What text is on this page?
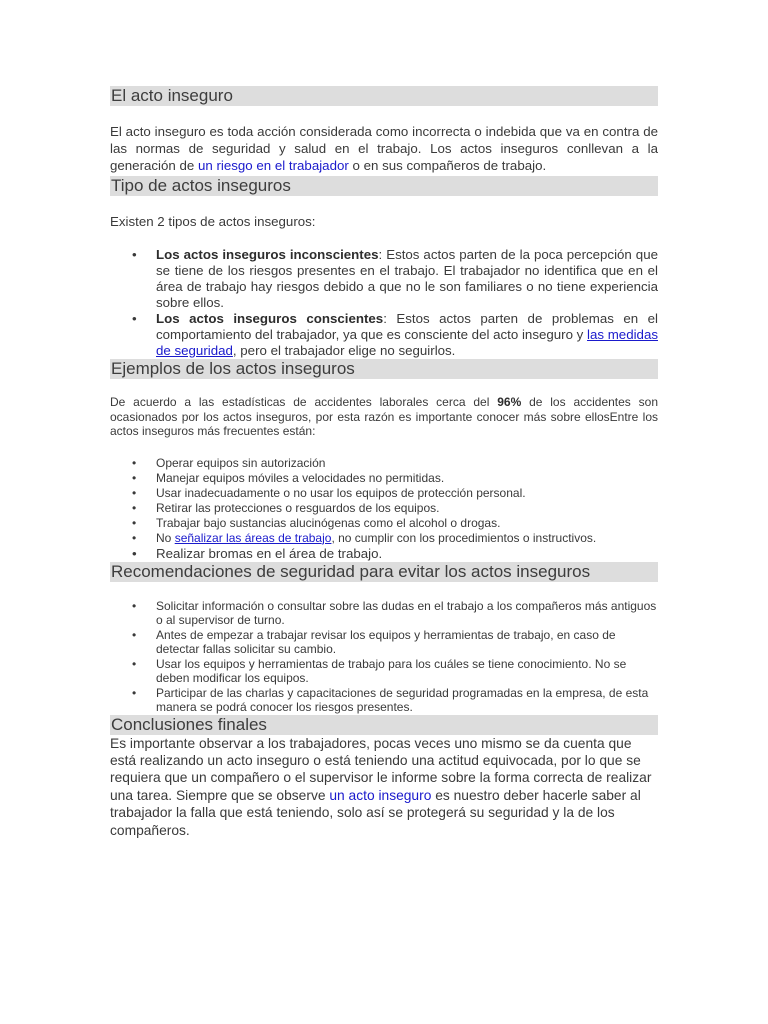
El acto inseguro

El acto inseguro es toda acción considerada como incorrecta o indebida que va en contra de las normas de seguridad y salud en el trabajo. Los actos inseguros conllevan a la generación de un riesgo en el trabajador o en sus compañeros de trabajo.

Tipo de actos inseguros

Existen 2 tipos de actos inseguros:

• Los actos inseguros inconscientes: Estos actos parten de la poca percepción que se tiene de los riesgos presentes en el trabajo. El trabajador no identifica que en el área de trabajo hay riesgos debido a que no le son familiares o no tiene experiencia sobre ellos.
• Los actos inseguros conscientes: Estos actos parten de problemas en el comportamiento del trabajador, ya que es consciente del acto inseguro y las medidas de seguridad, pero el trabajador elige no seguirlos.
Ejemplos de los actos inseguros

De acuerdo a las estadísticas de accidentes laborales cerca del 96% de los accidentes son ocasionados por los actos inseguros, por esta razón es importante conocer más sobre ellosEntre los actos inseguros más frecuentes están:

• Operar equipos sin autorización
• Manejar equipos móviles a velocidades no permitidas.
• Usar inadecuadamente o no usar los equipos de protección personal.
• Retirar las protecciones o resguardos de los equipos.
• Trabajar bajo sustancias alucinógenas como el alcohol o drogas.
• No señalizar las áreas de trabajo, no cumplir con los procedimientos o instructivos.
• Realizar bromas en el área de trabajo.
Recomendaciones de seguridad para evitar los actos inseguros
• Solicitar información o consultar sobre las dudas en el trabajo a los compañeros más antiguos o al supervisor de turno.
• Antes de empezar a trabajar revisar los equipos y herramientas de trabajo, en caso de detectar fallas solicitar su cambio.
• Usar los equipos y herramientas de trabajo para los cuáles se tiene conocimiento. No se deben modificar los equipos.
• Participar de las charlas y capacitaciones de seguridad programadas en la empresa, de esta manera se podrá conocer los riesgos presentes.
Conclusiones finales

Es importante observar a los trabajadores, pocas veces uno mismo se da cuenta que está realizando un acto inseguro o está teniendo una actitud equivocada, por lo que se requiera que un compañero o el supervisor le informe sobre la forma correcta de realizar una tarea. Siempre que se observe un acto inseguro es nuestro deber hacerle saber al trabajador la falla que está teniendo, solo así se protegerá su seguridad y la de los compañeros.
